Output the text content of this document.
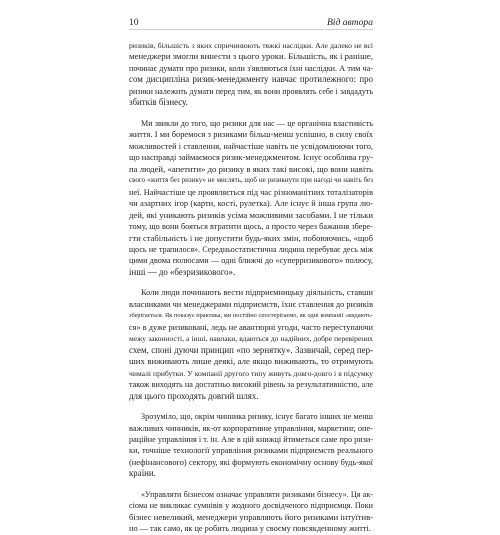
10	Від автора
ризиків, більшість з яких спричинюють тяжкі наслідки. Але далеко не всі
менеджери змогли винести з цього уроки. Більшість, як і раніше,
починає думати про ризики, коли з'являються їхні наслідки. А тим ча-
сом дисципліна ризик-менеджменту навчає протилежного: про
ризики належить думати перед тим, як вони проявлять себе і завдадуть
збитків бізнесу.
Ми звикли до того, що ризики для нас — це органічна властивість
життя. І ми боремося з ризиками більш-менш успішно, в силу своїх
можливостей і ставлення, найчастіше навіть не усвідомлюючи того,
що насправді займаємося ризик-менеджментом. Існує особлива гру-
па людей, «апетити» до ризику в яких такі високі, що вони навіть
свого «життя без ризику» не мислять, щоб не ризикнути при нагоді чи навіть без
неї. Найчастіше це проявляється під час різноманітних тоталізаторів
чи азартних ігор (карти, кості, рулетка). Але існує й інша група лю-
дей, які уникають ризиків усіма можливими засобами. І не тільки
тому, що вони бояться втратити щось, а просто через бажання збере-
гти стабільність і не допустити будь-яких змін, побоюючись, «щоб
щось не трапилося». Середньостатистична людина перебуває десь між
цими двома полюсами — одні ближчі до «суперризикового» полюсу,
інші — до «безризикового».
Коли люди починають вести підприємницьку діяльність, ставши
власниками чи менеджерами підприємств, їхнє ставлення до ризиків
зберігається. Як показує практика, ми постійно спостерігаємо, як одні компанії «кидають-
ся» в дуже ризиковані, ледь не авантюрні угоди, часто переступаючи
межу законності, а інші, навпаки, вдаються до надійних, добре перевірених
схем, споні дуючи принцип «по зернятку». Зазвичай, серед пер-
ших виживають лише деякі, але якщо виживають, то отримують
чималі прибутки. У компанії другого типу живуть довго-довго і в підсумку
також виходять на достатньо високий рівень за результативністю, але
для цього проходять довгий шлях.
Зрозуміло, що, окрім чинника ризику, існує багато інших не менш
важливих чинників, як-от корпоративне управління, маркетинг, опе-
раційне управління і т. ін. Але в цій книжці йтиметься саме про ризи-
ки, точніше технології управління ризиками підприємств реального
(нефінансового) сектору, які формують економічну основу будь-якої
країни.
«Управляти бізнесом означає управляти ризиками бізнесу». Ця ак-
сіома не викликає сумнівів у жодного досвідченого підприємця. Поки
бізнес невеликий, менеджери управляють його ризиками інтуїтив-
но — так само, як це робить людина у своєму повсякденному житті.
